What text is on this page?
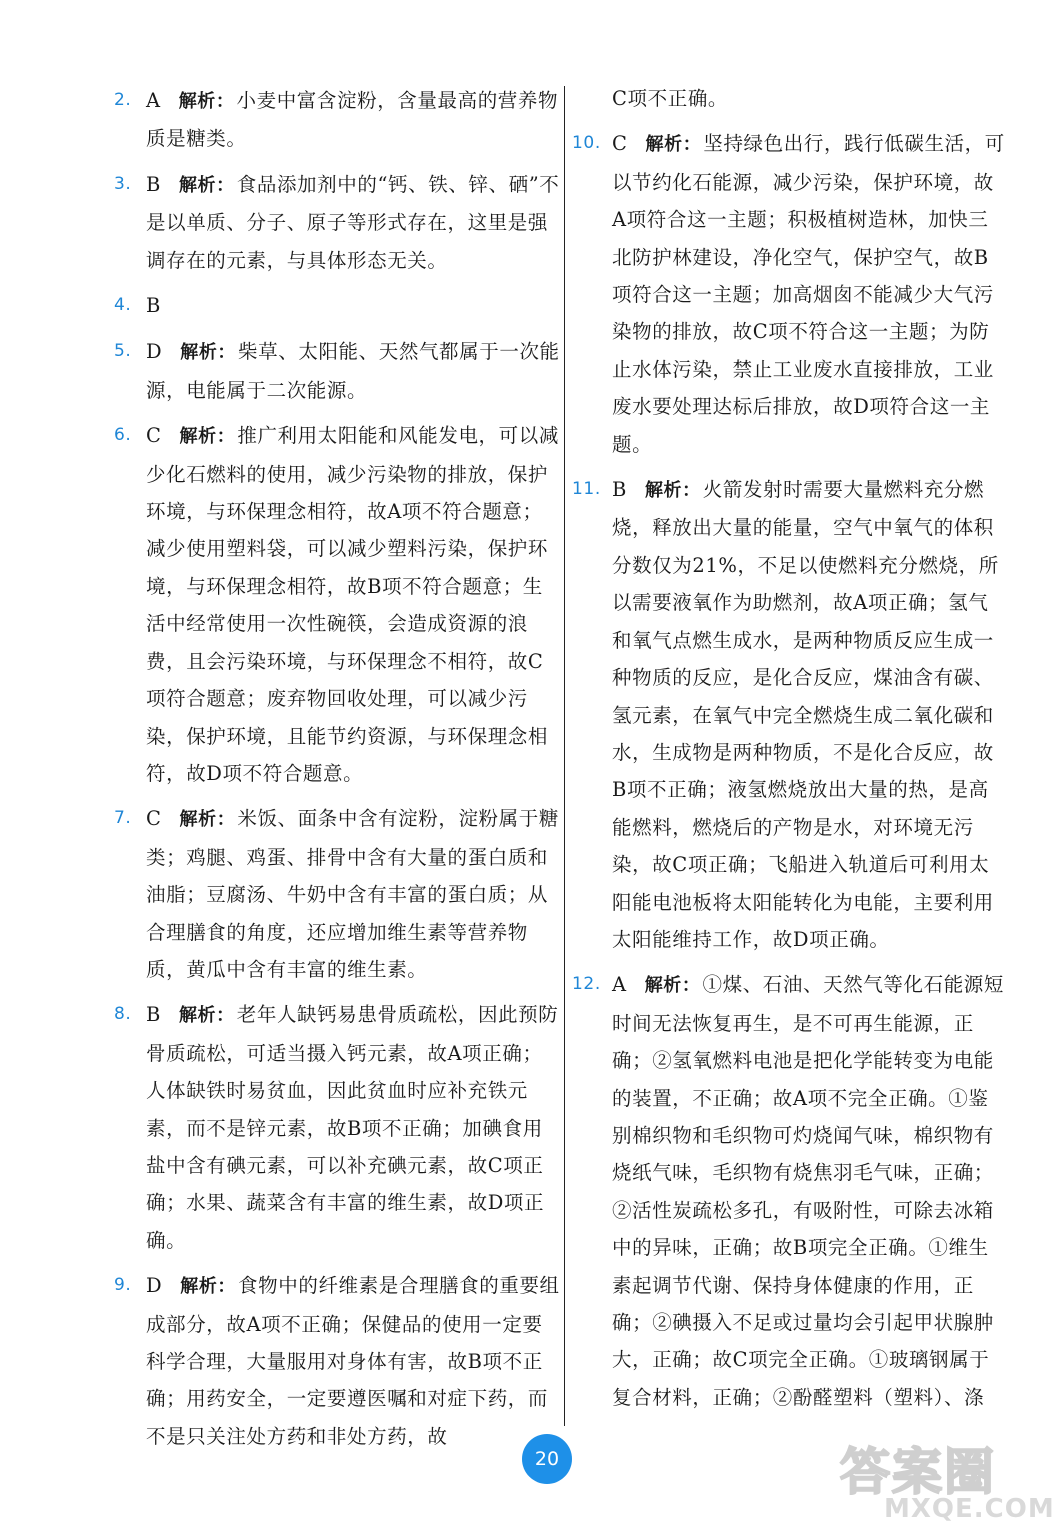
2. A 解析： 小麦中富含淀粉，含量最高的营养物质是糖类。
3. B 解析： 食品添加剂中的“钙、铁、锌、硒”不是以单质、分子、原子等形式存在，这里是强调存在的元素，与具体形态无关。
4. B
5. D 解析： 柴草、太阳能、天然气都属于一次能源，电能属于二次能源。
6. C 解析： 推广利用太阳能和风能发电，可以减少化石燃料的使用，减少污染物的排放，保护环境，与环保理念相符，故A项不符合题意；减少使用塑料袋，可以减少塑料污染，保护环境，与环保理念相符，故B项不符合题意；生活中经常使用一次性碗筷，会造成资源的浪费，且会污染环境，与环保理念不相符，故C项符合题意；废弃物回收处理，可以减少污染，保护环境，且能节约资源，与环保理念相符，故D项不符合题意。
7. C 解析： 米饭、面条中含有淀粉，淀粉属于糖类；鸡腿、鸡蛋、排骨中含有大量的蛋白质和油脂；豆腐汤、牛奶中含有丰富的蛋白质；从合理膳食的角度，还应增加维生素等营养物质，黄瓜中含有丰富的维生素。
8. B 解析： 老年人缺钙易患骨质疏松，因此预防骨质疏松，可适当摄入钙元素，故A项正确；人体缺铁时易贫血，因此贫血时应补充铁元素，而不是锌元素，故B项不正确；加碘食用盐中含有碘元素，可以补充碘元素，故C项正确；水果、蔬菜含有丰富的维生素，故D项正确。
9. D 解析： 食物中的纤维素是合理膳食的重要组成部分，故A项不正确；保健品的使用一定要科学合理，大量服用对身体有害，故B项不正确；用药安全，一定要遵医嘱和对症下药，而不是只关注处方药和非处方药，故
C项不正确。
10. C 解析： 坚持绿色出行，践行低碳生活，可以节约化石能源，减少污染，保护环境，故A项符合这一主题；积极植树造林，加快三北防护林建设，净化空气，保护空气，故B项符合这一主题；加高烟囱不能减少大气污染物的排放，故C项不符合这一主题；为防止水体污染，禁止工业废水直接排放，工业废水要处理达标后排放，故D项符合这一主题。
11. B 解析： 火箭发射时需要大量燃料充分燃烧，释放出大量的能量，空气中氧气的体积分数仅为21%，不足以使燃料充分燃烧，所以需要液氧作为助燃剂，故A项正确；氢气和氧气点燃生成水，是两种物质反应生成一种物质的反应，是化合反应，煤油含有碳、氢元素，在氧气中完全燃烧生成二氧化碳和水，生成物是两种物质，不是化合反应，故B项不正确；液氢燃烧放出大量的热，是高能燃料，燃烧后的产物是水，对环境无污染，故C项正确；飞船进入轨道后可利用太阳能电池板将太阳能转化为电能，主要利用太阳能维持工作，故D项正确。
12. A 解析： ①煤、石油、天然气等化石能源短时间无法恢复再生，是不可再生能源，正确；②氢氧燃料电池是把化学能转变为电能的装置，不正确；故A项不完全正确。①鉴别棉织物和毛织物可灼烧闻气味，棉织物有烧纸气味，毛织物有烧焦羽毛气味，正确；②活性炭疏松多孔，有吸附性，可除去冰箱中的异味，正确；故B项完全正确。①维生素起调节代谢、保持身体健康的作用，正确；②碘摄入不足或过量均会引起甲状腺肿大，正确；故C项完全正确。①玻璃钢属于复合材料，正确；②酚醛塑料（塑料）、涤
20	答案圈
MXQE.COM
